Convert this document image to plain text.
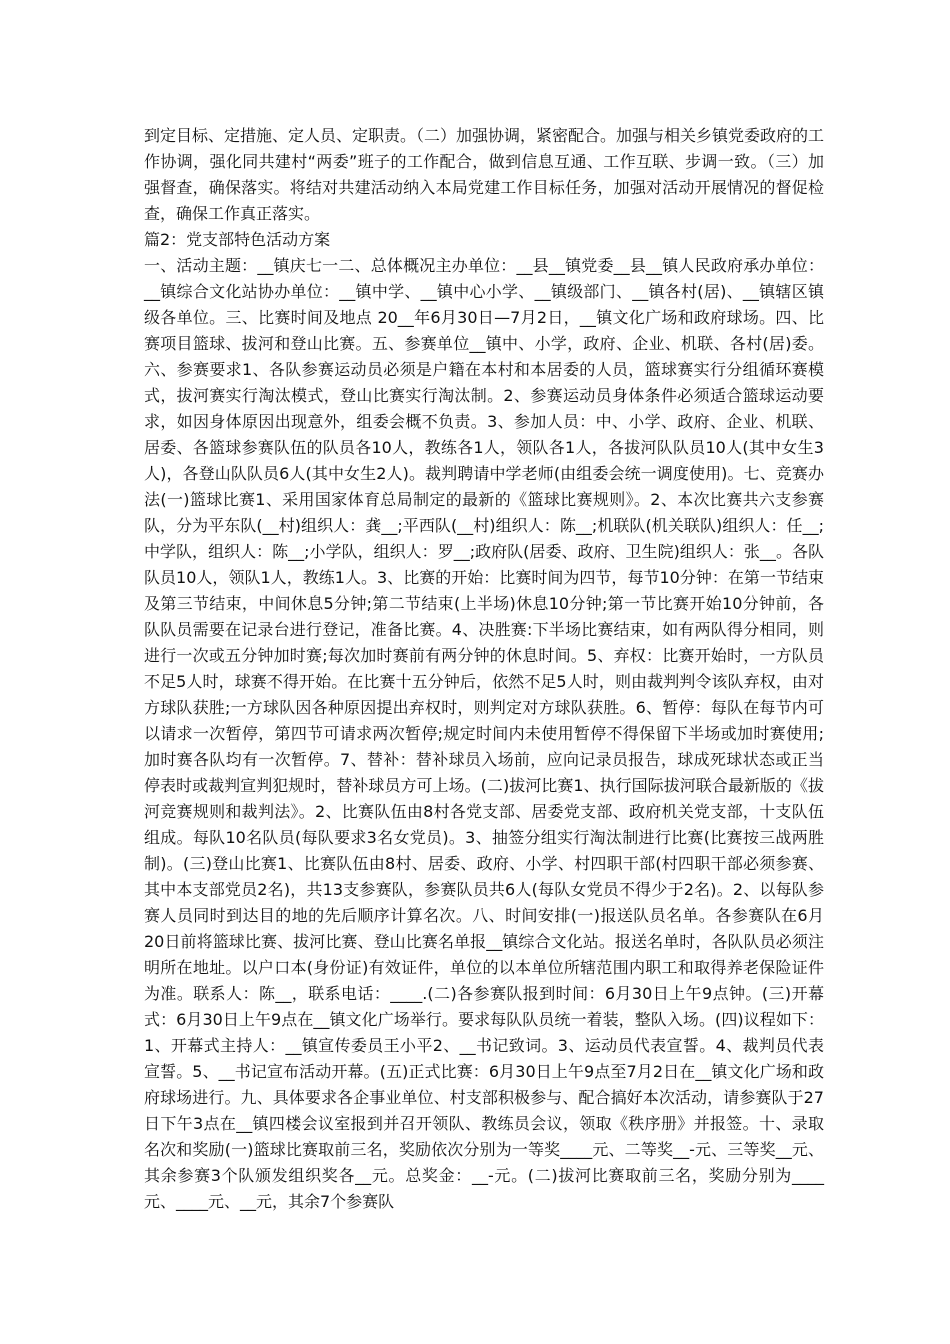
到定目标、定措施、定人员、定职责。（二）加强协调，紧密配合。加强与相关乡镇党委政府的工作协调，强化同共建村“两委”班子的工作配合，做到信息互通、工作互联、步调一致。（三）加强督查，确保落实。将结对共建活动纳入本局党建工作目标任务，加强对活动开展情况的督促检查，确保工作真正落实。

篇2：党支部特色活动方案

一、活动主题：__镇庆七一二、总体概况主办单位：__县__镇党委__县__镇人民政府承办单位：__镇综合文化站协办单位：__镇中学、__镇中心小学、__镇级部门、__镇各村(居)、__镇辖区镇级各单位。三、比赛时间及地点 20__年6月30日—7月2日，__镇文化广场和政府球场。四、比赛项目篮球、拔河和登山比赛。五、参赛单位__镇中、小学，政府、企业、机联、各村(居)委。六、参赛要求1、各队参赛运动员必须是户籍在本村和本居委的人员，篮球赛实行分组循环赛模式，拔河赛实行淘汰模式，登山比赛实行淘汰制。2、参赛运动员身体条件必须适合篮球运动要求，如因身体原因出现意外，组委会概不负责。3、参加人员：中、小学、政府、企业、机联、居委、各篮球参赛队伍的队员各10人，教练各1人，领队各1人，各拔河队队员10人(其中女生3人)，各登山队队员6人(其中女生2人)。裁判聘请中学老师(由组委会统一调度使用)。七、竞赛办法(一)篮球比赛1、采用国家体育总局制定的最新的《篮球比赛规则》。2、本次比赛共六支参赛队，分为平东队(__村)组织人：龚__;平西队(__村)组织人：陈__;机联队(机关联队)组织人：任__;中学队，组织人：陈__;小学队，组织人：罗__;政府队(居委、政府、卫生院)组织人：张__。各队队员10人，领队1人，教练1人。3、比赛的开始：比赛时间为四节，每节10分钟：在第一节结束及第三节结束，中间休息5分钟;第二节结束(上半场)休息10分钟;第一节比赛开始10分钟前，各队队员需要在记录台进行登记，准备比赛。4、决胜赛:下半场比赛结束，如有两队得分相同，则进行一次或五分钟加时赛;每次加时赛前有两分钟的休息时间。5、弃权：比赛开始时，一方队员不足5人时，球赛不得开始。在比赛十五分钟后，依然不足5人时，则由裁判判令该队弃权，由对方球队获胜;一方球队因各种原因提出弃权时，则判定对方球队获胜。6、暂停：每队在每节内可以请求一次暂停，第四节可请求两次暂停;规定时间内未使用暂停不得保留下半场或加时赛使用;加时赛各队均有一次暂停。7、替补：替补球员入场前，应向记录员报告，球成死球状态或正当停表时或裁判宣判犯规时，替补球员方可上场。(二)拔河比赛1、执行国际拔河联合最新版的《拔河竞赛规则和裁判法》。2、比赛队伍由8村各党支部、居委党支部、政府机关党支部，十支队伍组成。每队10名队员(每队要求3名女党员)。3、抽签分组实行淘汰制进行比赛(比赛按三战两胜制)。(三)登山比赛1、比赛队伍由8村、居委、政府、小学、村四职干部(村四职干部必须参赛、其中本支部党员2名)，共13支参赛队，参赛队员共6人(每队女党员不得少于2名)。2、以每队参赛人员同时到达目的地的先后顺序计算名次。八、时间安排(一)报送队员名单。各参赛队在6月20日前将篮球比赛、拔河比赛、登山比赛名单报__镇综合文化站。报送名单时，各队队员必须注明所在地址。以户口本(身份证)有效证件，单位的以本单位所辖范围内职工和取得养老保险证件为准。联系人：陈__，联系电话：____.(二)各参赛队报到时间：6月30日上午9点钟。(三)开幕式：6月30日上午9点在__镇文化广场举行。要求每队队员统一着装，整队入场。(四)议程如下：1、开幕式主持人：__镇宣传委员王小平2、__书记致词。3、运动员代表宣誓。4、裁判员代表宣誓。5、__书记宣布活动开幕。(五)正式比赛：6月30日上午9点至7月2日在__镇文化广场和政府球场进行。九、具体要求各企事业单位、村支部积极参与、配合搞好本次活动，请参赛队于27日下午3点在__镇四楼会议室报到并召开领队、教练员会议，领取《秩序册》并报签。十、录取名次和奖励(一)篮球比赛取前三名，奖励依次分别为一等奖____元、二等奖__-元、三等奖__元、其余参赛3个队颁发组织奖各__元。总奖金：__-元。(二)拔河比赛取前三名，奖励分别为____元、____元、__元，其余7个参赛队
